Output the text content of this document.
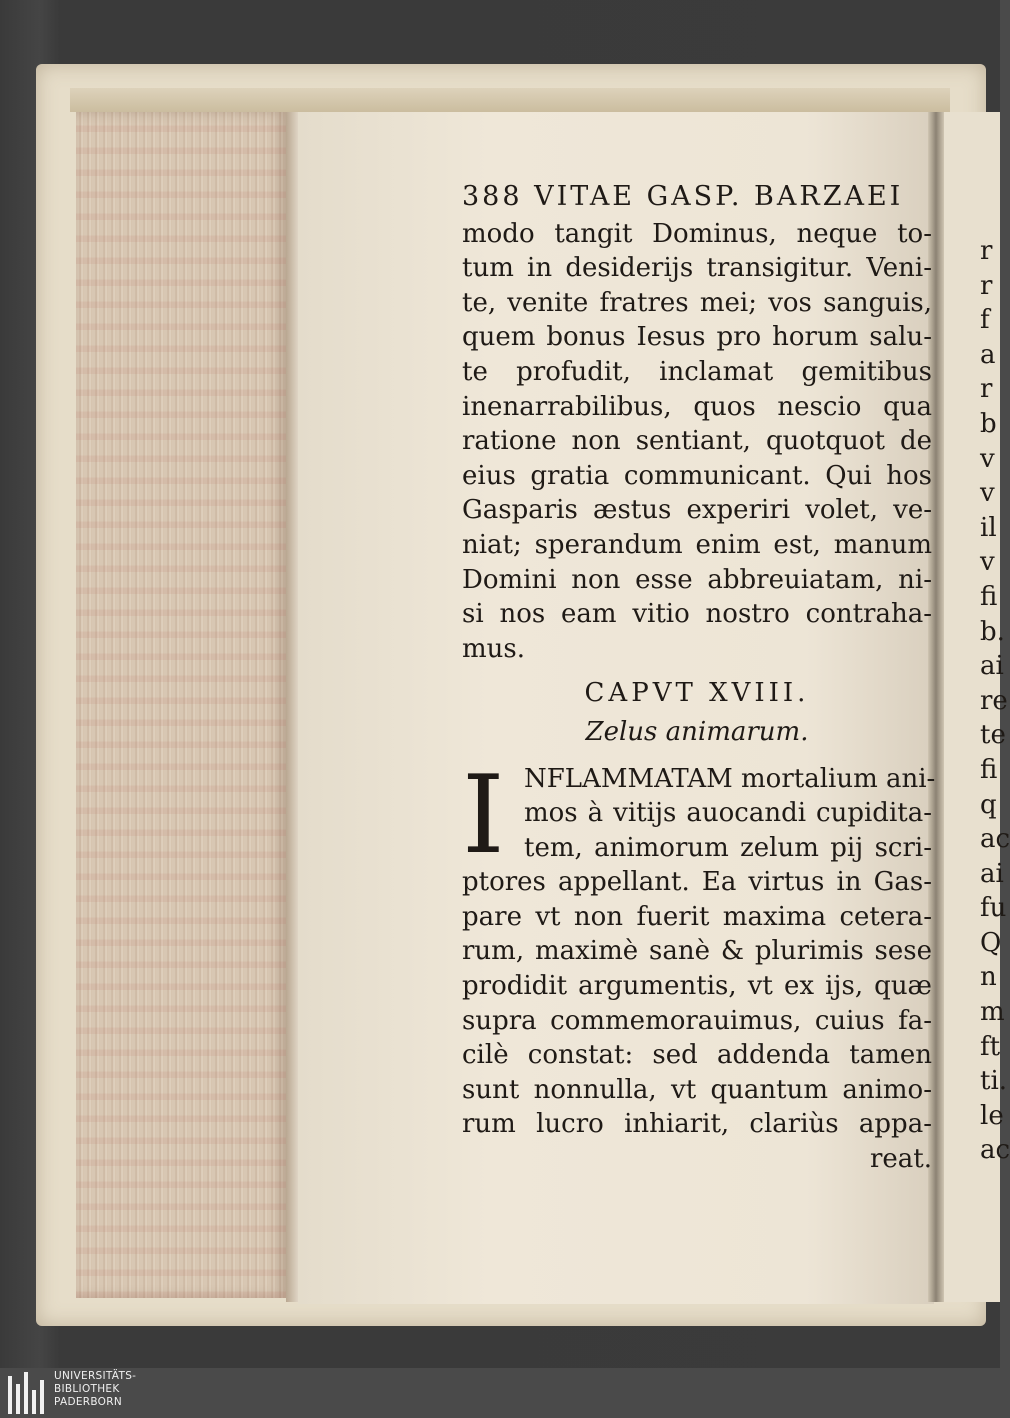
388 VITAE GASP. BARZAEI
modo tangit Dominus, neque to-
tum in desiderijs transigitur. Veni-
te, venite fratres mei; vos sanguis,
quem bonus Iesus pro horum salu-
te profudit, inclamat gemitibus
inenarrabilibus, quos nescio qua
ratione non sentiant, quotquot de
eius gratia communicant. Qui hos
Gasparis æstus experiri volet, ve-
niat; sperandum enim est, manum
Domini non esse abbreuiatam, ni-
si nos eam vitio nostro contraha-
mus.
CAPVT XVIII.
Zelus animarum.
I NFLAMMATAM mortalium ani-
mos à vitijs auocandi cupidita-
tem, animorum zelum pij scri-
ptores appellant. Ea virtus in Gas-
pare vt non fuerit maxima cetera-
rum, maximè sanè & plurimis sese
prodidit argumentis, vt ex ijs, quæ
supra commemorauimus, cuius fa-
cilè constat: sed addenda tamen
sunt nonnulla, vt quantum animo-
rum lucro inhiarit, clariùs appa-
reat.
r
r
f
a
r
b
v
v
il
v
fi
b.
ai
re
te
fi
q
ac
ai
fu
Q
n
m
ft
ti.
le
ac
UNIVERSITÄTS-
BIBLIOTHEK
PADERBORN
